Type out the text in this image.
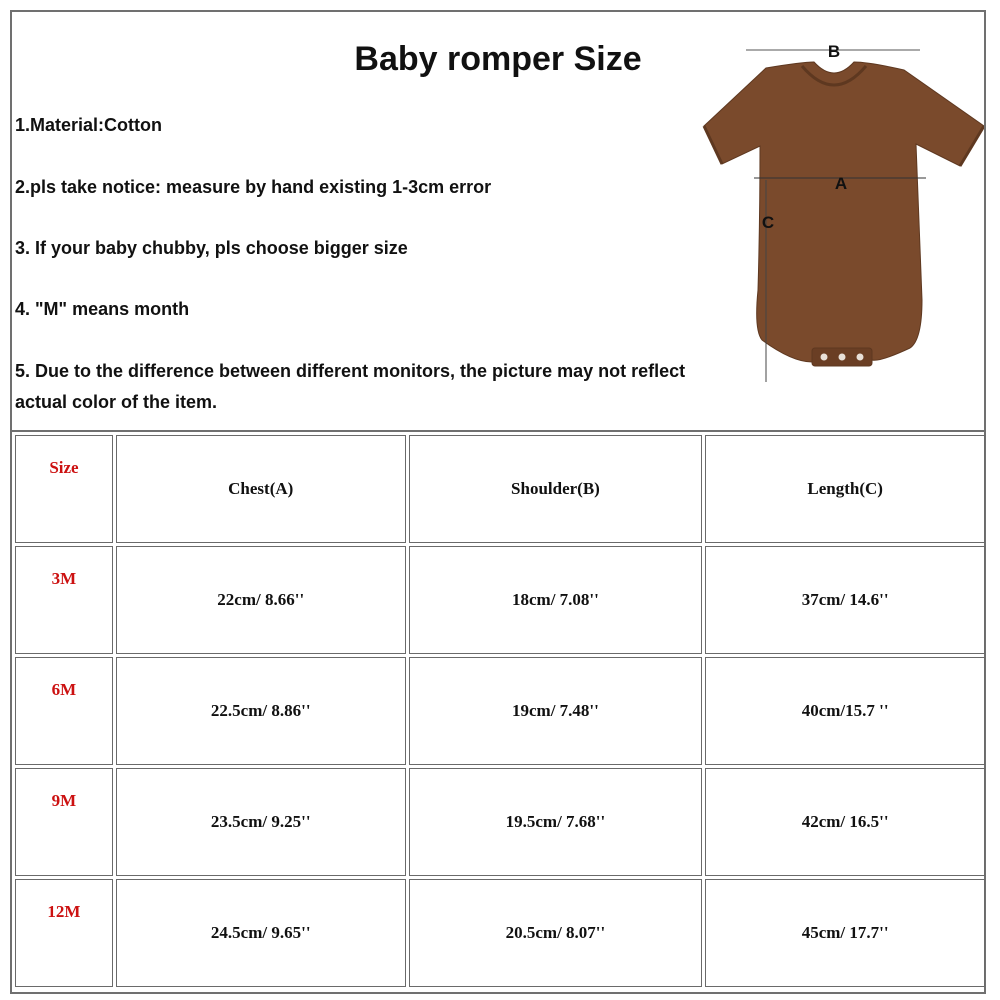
Baby romper Size
1.Material:Cotton
2.pls take notice: measure by hand existing 1-3cm error
3. If your baby chubby, pls choose bigger size
4. "M" means month
5. Due to the difference between different monitors, the picture may not reflect actual color of the item.
B
A
C
Size	Chest(A)	Shoulder(B)	Length(C)
3M	22cm/ 8.66''	18cm/ 7.08''	37cm/ 14.6''
6M	22.5cm/ 8.86''	19cm/ 7.48''	40cm/15.7 ''
9M	23.5cm/ 9.25''	19.5cm/ 7.68''	42cm/ 16.5''
12M	24.5cm/ 9.65''	20.5cm/ 8.07''	45cm/ 17.7''
